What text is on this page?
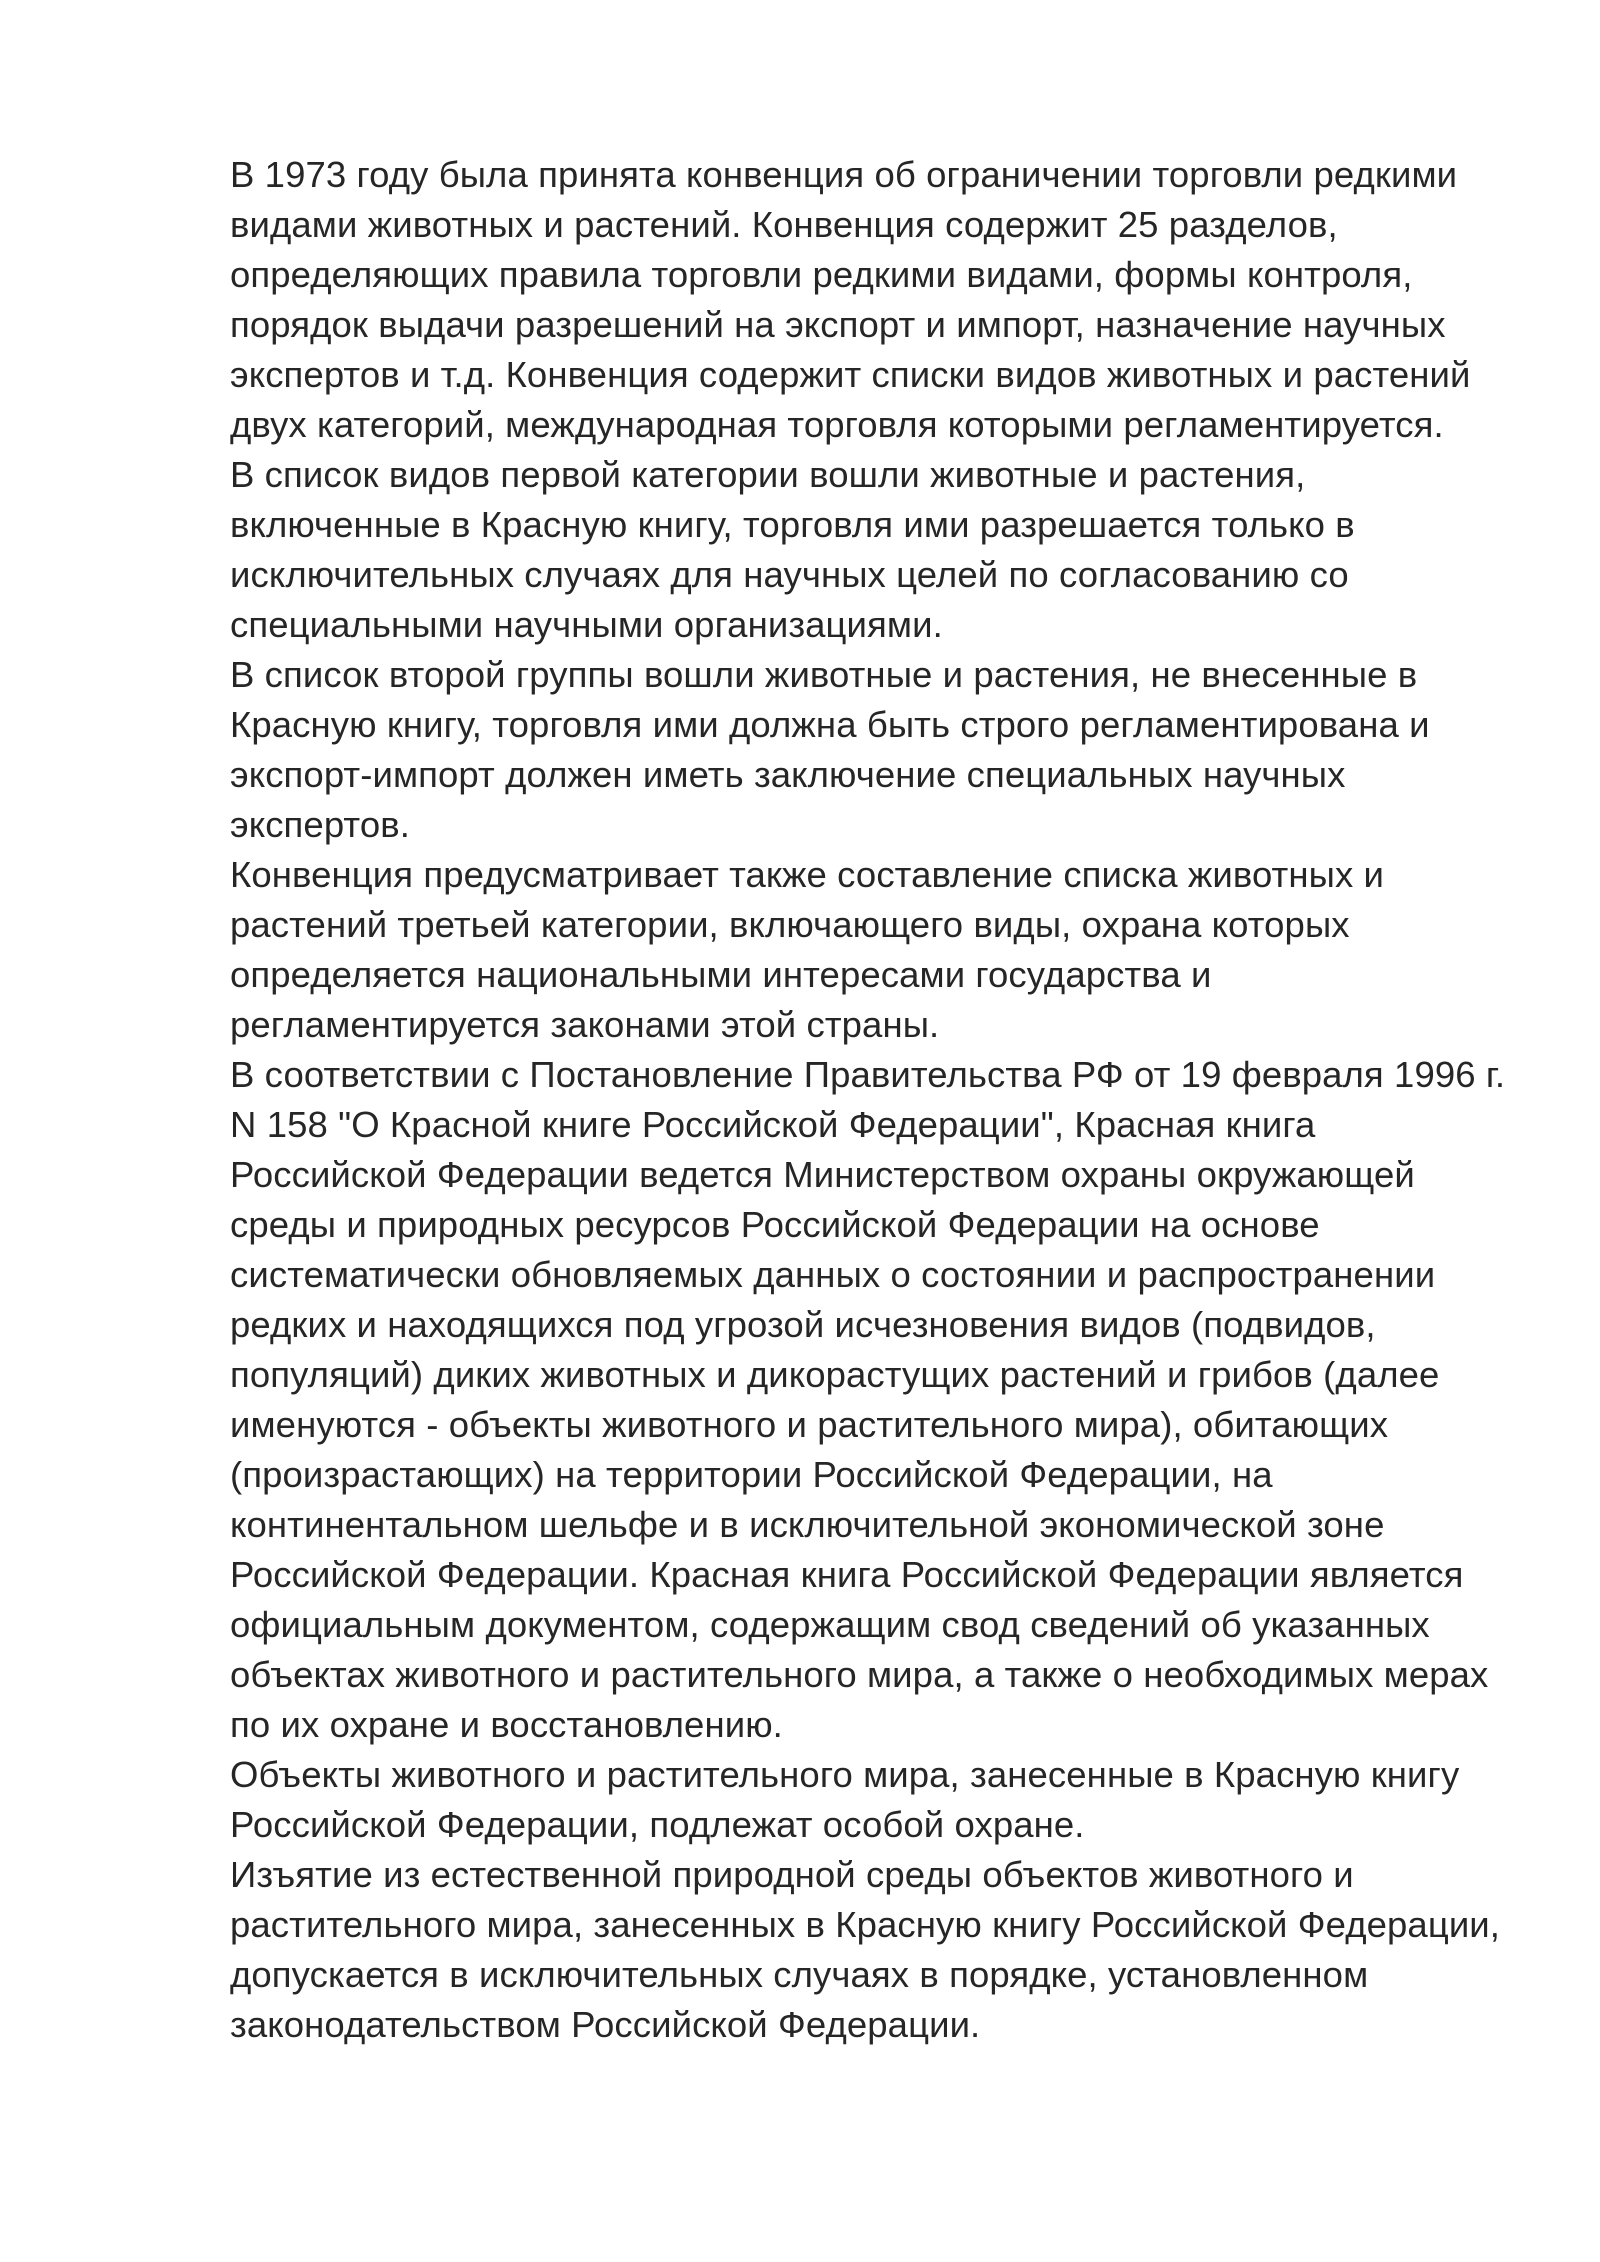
В 1973 году была принята конвенция об ограничении торговли редкими видами животных и растений. Конвенция содержит 25 разделов, определяющих правила торговли редкими видами, формы контроля, порядок выдачи разрешений на экспорт и импорт, назначение научных экспертов и т.д. Конвенция содержит списки видов животных и растений двух категорий, международная торговля которыми регламентируется.

В список видов первой категории вошли животные и растения, включенные в Красную книгу, торговля ими разрешается только в исключительных случаях для научных целей по согласованию со специальными научными организациями.

В список второй группы вошли животные и растения, не внесенные в Красную книгу, торговля ими должна быть строго регламентирована и экспорт-импорт должен иметь заключение специальных научных экспертов.

Конвенция предусматривает также составление списка животных и растений третьей категории, включающего виды, охрана которых определяется национальными интересами государства и регламентируется законами этой страны.

В соответствии с Постановление Правительства РФ от 19 февраля 1996 г. N 158 "О Красной книге Российской Федерации", Красная книга Российской Федерации ведется Министерством охраны окружающей среды и природных ресурсов Российской Федерации на основе систематически обновляемых данных о состоянии и распространении редких и находящихся под угрозой исчезновения видов (подвидов, популяций) диких животных и дикорастущих растений и грибов (далее именуются - объекты животного и растительного мира), обитающих (произрастающих) на территории Российской Федерации, на континентальном шельфе и в исключительной экономической зоне Российской Федерации. Красная книга Российской Федерации является официальным документом, содержащим свод сведений об указанных объектах животного и растительного мира, а также о необходимых мерах по их охране и восстановлению.

Объекты животного и растительного мира, занесенные в Красную книгу Российской Федерации, подлежат особой охране.

Изъятие из естественной природной среды объектов животного и растительного мира, занесенных в Красную книгу Российской Федерации, допускается в исключительных случаях в порядке, установленном законодательством Российской Федерации.
